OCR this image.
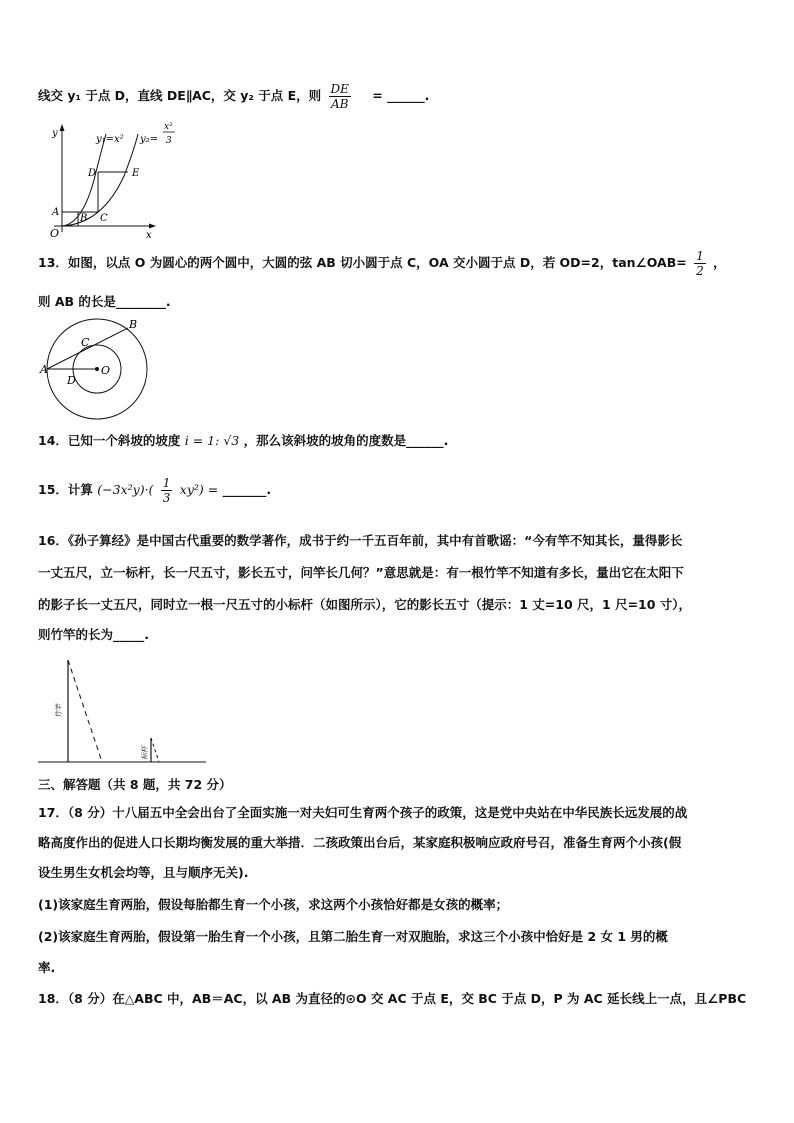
线交 y₁ 于点 D，直线 DE∥AC，交 y₂ 于点 E，则 $\frac{DE}{AB}$ = ______.
y
x
O
A
B C
D	E
y₁=x² y₂=
x²
3
13．如图，以点 O 为圆心的两个圆中，大圆的弦 AB 切小圆于点 C，OA 交小圆于点 D，若 OD=2，tan∠OAB= $\frac{1}{2}$ ，
则 AB 的长是________.
A
B
C
D
O
14．已知一个斜坡的坡度 i = 1: √3 ，那么该斜坡的坡角的度数是______.
15．计算 $(-3x^2y)\cdot( \frac{1}{3} xy^2)$ = _______.
16．《孙子算经》是中国古代重要的数学著作，成书于约一千五百年前，其中有首歌谣：“今有竿不知其长，量得影长
一丈五尺，立一标杆，长一尺五寸，影长五寸，问竿长几何？”意思就是：有一根竹竿不知道有多长，量出它在太阳下
的影子长一丈五尺，同时立一根一尺五寸的小标杆（如图所示），它的影长五寸（提示：1 丈=10 尺，1 尺=10 寸），
则竹竿的长为_____.
竹竿
标杆
三、解答题（共 8 题，共 72 分）
17．（8 分）十八届五中全会出台了全面实施一对夫妇可生育两个孩子的政策，这是党中央站在中华民族长远发展的战
略高度作出的促进人口长期均衡发展的重大举措．二孩政策出台后，某家庭积极响应政府号召，准备生育两个小孩(假
设生男生女机会均等，且与顺序无关).
(1)该家庭生育两胎，假设每胎都生育一个小孩，求这两个小孩恰好都是女孩的概率；
(2)该家庭生育两胎，假设第一胎生育一个小孩，且第二胎生育一对双胞胎，求这三个小孩中恰好是 2 女 1 男的概
率.
18．（8 分）在△ABC 中，AB＝AC，以 AB 为直径的⊙O 交 AC 于点 E，交 BC 于点 D，P 为 AC 延长线上一点，且∠PBC
